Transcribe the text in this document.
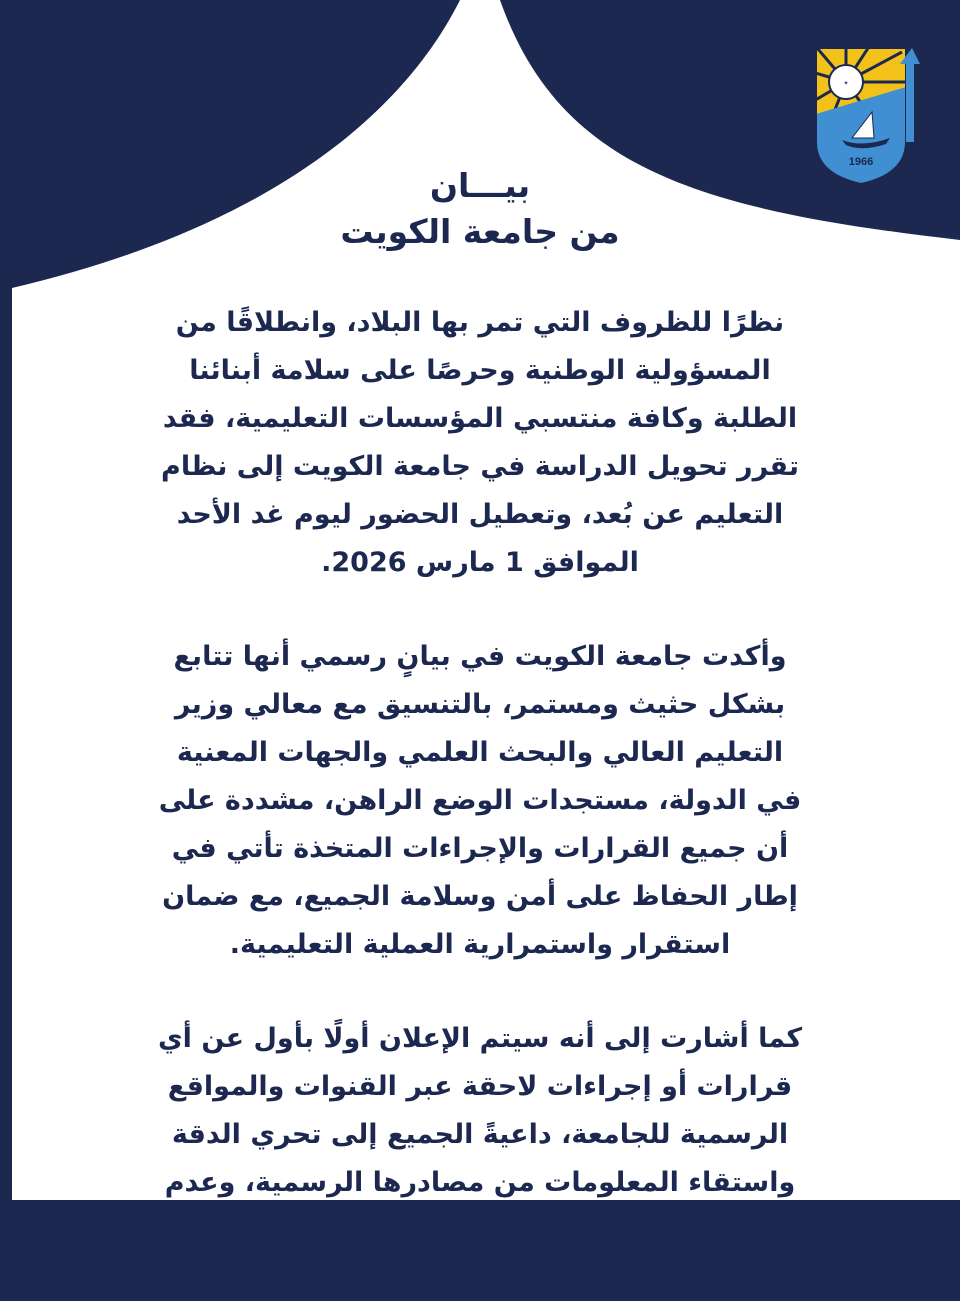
1966
✦
جامعة الكويت
KUWAIT UNIVERSITY

بيـــان

من جامعة الكويت

نظرًا للظروف التي تمر بها البلاد، وانطلاقًا من المسؤولية الوطنية وحرصًا على سلامة أبنائنا الطلبة وكافة منتسبي المؤسسات التعليمية، فقد تقرر تحويل الدراسة في جامعة الكويت إلى نظام التعليم عن بُعد، وتعطيل الحضور ليوم غد الأحد الموافق 1 مارس 2026.

وأكدت جامعة الكويت في بيانٍ رسمي أنها تتابع بشكل حثيث ومستمر، بالتنسيق مع معالي وزير التعليم العالي والبحث العلمي والجهات المعنية في الدولة، مستجدات الوضع الراهن، مشددة على أن جميع القرارات والإجراءات المتخذة تأتي في إطار الحفاظ على أمن وسلامة الجميع، مع ضمان استقرار واستمرارية العملية التعليمية.

كما أشارت إلى أنه سيتم الإعلان أولًا بأول عن أي قرارات أو إجراءات لاحقة عبر القنوات والمواقع الرسمية للجامعة، داعيةً الجميع إلى تحري الدقة واستقاء المعلومات من مصادرها الرسمية، وعدم الانسياق وراء الشائعات أو الأخبار غير الموثوقة.
